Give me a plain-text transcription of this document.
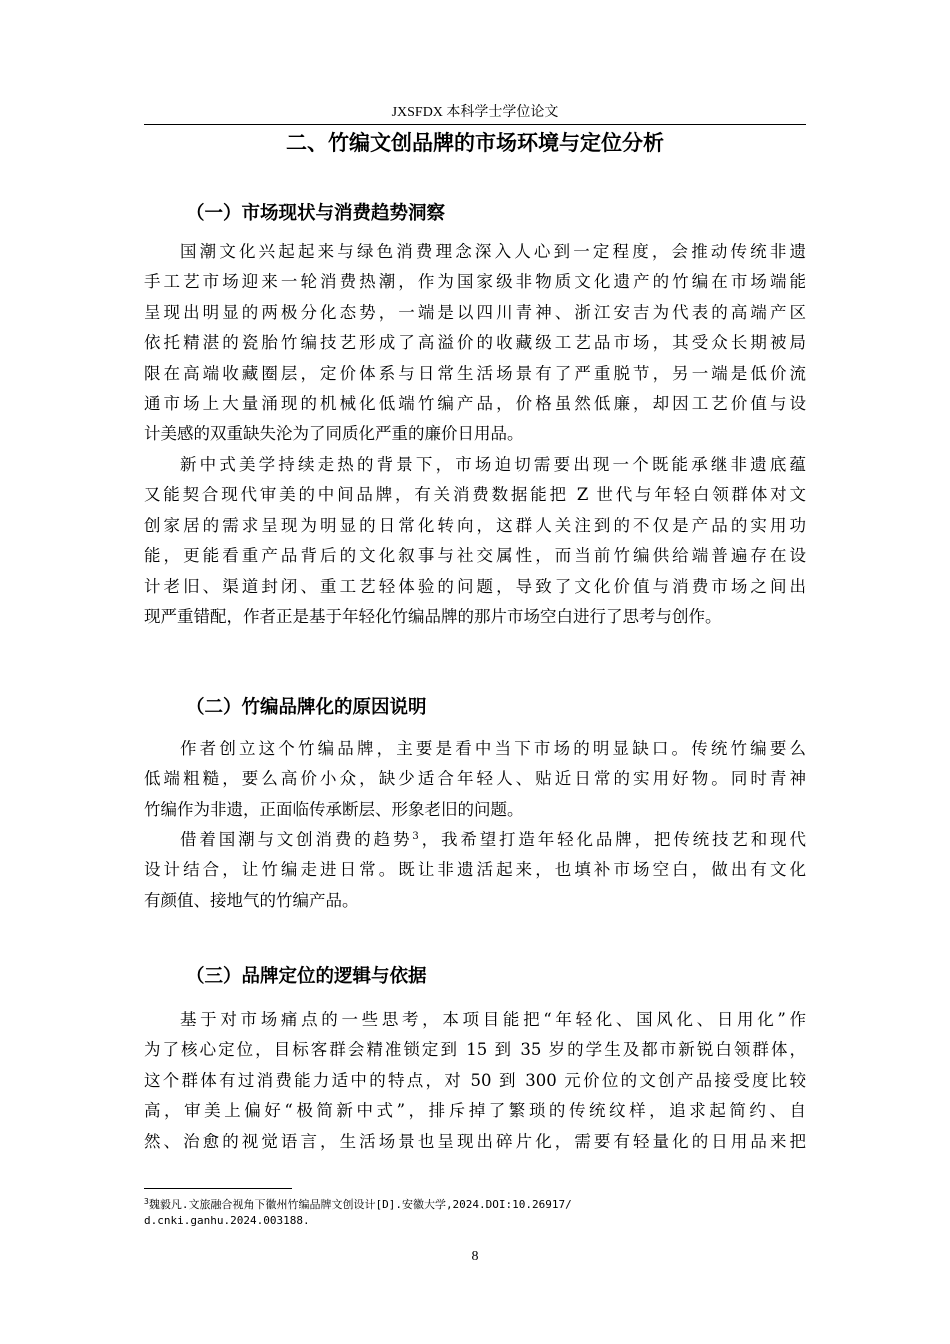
JXSFDX 本科学士学位论文
二、竹编文创品牌的市场环境与定位分析
（一）市场现状与消费趋势洞察
国潮文化兴起起来与绿色消费理念深入人心到一定程度，会推动传统非遗
手工艺市场迎来一轮消费热潮，作为国家级非物质文化遗产的竹编在市场端能
呈现出明显的两极分化态势，一端是以四川青神、浙江安吉为代表的高端产区
依托精湛的瓷胎竹编技艺形成了高溢价的收藏级工艺品市场，其受众长期被局
限在高端收藏圈层，定价体系与日常生活场景有了严重脱节，另一端是低价流
通市场上大量涌现的机械化低端竹编产品，价格虽然低廉，却因工艺价值与设
计美感的双重缺失沦为了同质化严重的廉价日用品。
新中式美学持续走热的背景下，市场迫切需要出现一个既能承继非遗底蕴
又能契合现代审美的中间品牌，有关消费数据能把 Z 世代与年轻白领群体对文
创家居的需求呈现为明显的日常化转向，这群人关注到的不仅是产品的实用功
能，更能看重产品背后的文化叙事与社交属性，而当前竹编供给端普遍存在设
计老旧、渠道封闭、重工艺轻体验的问题，导致了文化价值与消费市场之间出
现严重错配，作者正是基于年轻化竹编品牌的那片市场空白进行了思考与创作。
（二）竹编品牌化的原因说明
作者创立这个竹编品牌，主要是看中当下市场的明显缺口。传统竹编要么
低端粗糙，要么高价小众，缺少适合年轻人、贴近日常的实用好物。同时青神
竹编作为非遗，正面临传承断层、形象老旧的问题。
借着国潮与文创消费的趋势$^3$，我希望打造年轻化品牌，把传统技艺和现代
设计结合，让竹编走进日常。既让非遗活起来，也填补市场空白，做出有文化
有颜值、接地气的竹编产品。
（三）品牌定位的逻辑与依据
基于对市场痛点的一些思考，本项目能把“年轻化、国风化、日用化”作
为了核心定位，目标客群会精准锁定到 15 到 35 岁的学生及都市新锐白领群体，
这个群体有过消费能力适中的特点，对 50 到 300 元价位的文创产品接受度比较
高，审美上偏好“极简新中式”，排斥掉了繁琐的传统纹样，追求起简约、自
然、治愈的视觉语言，生活场景也呈现出碎片化，需要有轻量化的日用品来把
$^3$魏毅凡.文旅融合视角下徽州竹编品牌文创设计[D].安徽大学,2024.DOI:10.26917/
d.cnki.ganhu.2024.003188.
8
